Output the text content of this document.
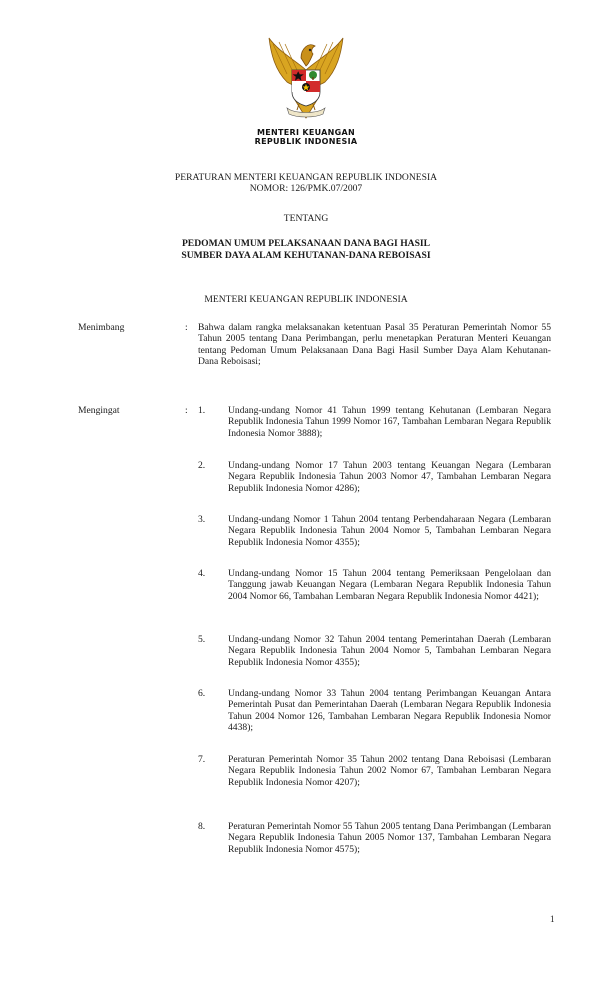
MENTERI KEUANGAN
REPUBLIK INDONESIA
PERATURAN MENTERI KEUANGAN REPUBLIK INDONESIA
NOMOR: 126/PMK.07/2007
TENTANG
PEDOMAN UMUM PELAKSANAAN DANA BAGI HASIL
SUMBER DAYA ALAM KEHUTANAN-DANA REBOISASI
MENTERI KEUANGAN REPUBLIK INDONESIA
Menimbang	: Bahwa dalam rangka melaksanakan ketentuan Pasal 35 Peraturan Pemerintah Nomor 55 Tahun 2005 tentang Dana Perimbangan, perlu menetapkan Peraturan Menteri Keuangan tentang Pedoman Umum Pelaksanaan Dana Bagi Hasil Sumber Daya Alam Kehutanan-Dana Reboisasi;

Mengingat	: 1. Undang-undang Nomor 41 Tahun 1999 tentang Kehutanan (Lembaran Negara Republik Indonesia Tahun 1999 Nomor 167, Tambahan Lembaran Negara Republik Indonesia Nomor 3888);

2. Undang-undang Nomor 17 Tahun 2003 tentang Keuangan Negara (Lembaran Negara Republik Indonesia Tahun 2003 Nomor 47, Tambahan Lembaran Negara Republik Indonesia Nomor 4286);

3. Undang-undang Nomor 1 Tahun 2004 tentang Perbendaharaan Negara (Lembaran Negara Republik Indonesia Tahun 2004 Nomor 5, Tambahan Lembaran Negara Republik Indonesia Nomor 4355);

4. Undang-undang Nomor 15 Tahun 2004 tentang Pemeriksaan Pengelolaan dan Tanggung jawab Keuangan Negara (Lembaran Negara Republik Indonesia Tahun 2004 Nomor 66, Tambahan Lembaran Negara Republik Indonesia Nomor 4421);

5. Undang-undang Nomor 32 Tahun 2004 tentang Pemerintahan Daerah (Lembaran Negara Republik Indonesia Tahun 2004 Nomor 5, Tambahan Lembaran Negara Republik Indonesia Nomor 4355);

6. Undang-undang Nomor 33 Tahun 2004 tentang Perimbangan Keuangan Antara Pemerintah Pusat dan Pemerintahan Daerah (Lembaran Negara Republik Indonesia Tahun 2004 Nomor 126, Tambahan Lembaran Negara Republik Indonesia Nomor 4438);

7. Peraturan Pemerintah Nomor 35 Tahun 2002 tentang Dana Reboisasi (Lembaran Negara Republik Indonesia Tahun 2002 Nomor 67, Tambahan Lembaran Negara Republik Indonesia Nomor 4207);

8. Peraturan Pemerintah Nomor 55 Tahun 2005 tentang Dana Perimbangan (Lembaran Negara Republik Indonesia Tahun 2005 Nomor 137, Tambahan Lembaran Negara Republik Indonesia Nomor 4575);

1
